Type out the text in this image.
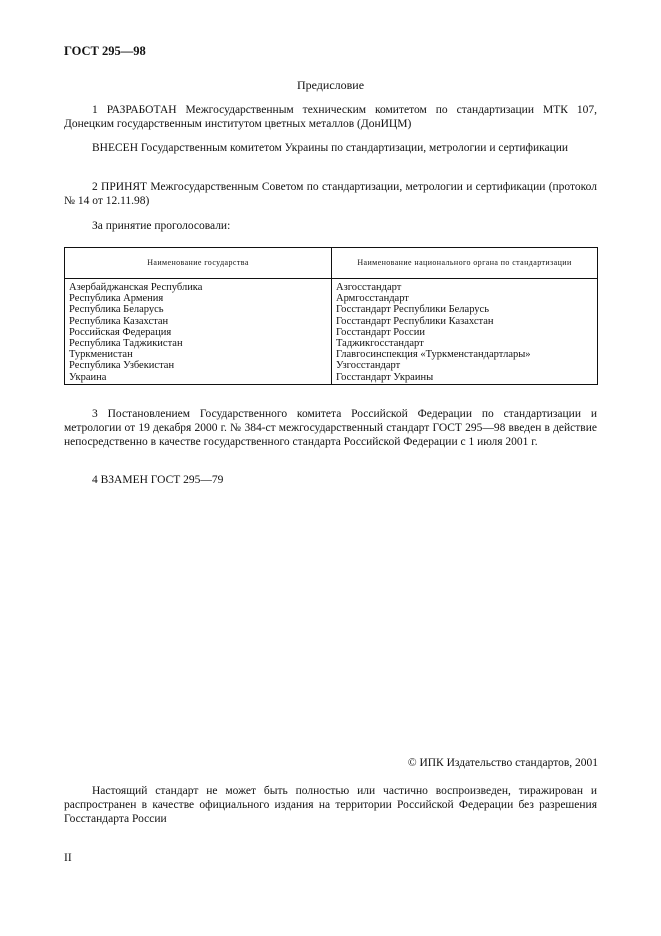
ГОСТ 295—98
Предисловие
1 РАЗРАБОТАН Межгосударственным техническим комитетом по стандартизации МТК 107, Донецким государственным институтом цветных металлов (ДонИЦМ)
ВНЕСЕН Государственным комитетом Украины по стандартизации, метрологии и сертификации
2 ПРИНЯТ Межгосударственным Советом по стандартизации, метрологии и сертификации (протокол № 14 от 12.11.98)
За принятие проголосовали:
Наименование государства	Наименование национального органа по стандартизации
Азербайджанская Республика	Азгосстандарт
Республика Армения	Армгосстандарт
Республика Беларусь	Госстандарт Республики Беларусь
Республика Казахстан	Госстандарт Республики Казахстан
Российская Федерация	Госстандарт России
Республика Таджикистан	Таджикгосстандарт
Туркменистан	Главгосинспекция «Туркменстандартлары»
Республика Узбекистан	Узгосстандарт
Украина	Госстандарт Украины
3 Постановлением Государственного комитета Российской Федерации по стандартизации и метрологии от 19 декабря 2000 г. № 384-ст межгосударственный стандарт ГОСТ 295—98 введен в действие непосредственно в качестве государственного стандарта Российской Федерации с 1 июля 2001 г.
4 ВЗАМЕН ГОСТ 295—79
© ИПК Издательство стандартов, 2001
Настоящий стандарт не может быть полностью или частично воспроизведен, тиражирован и распространен в качестве официального издания на территории Российской Федерации без разрешения Госстандарта России
II
